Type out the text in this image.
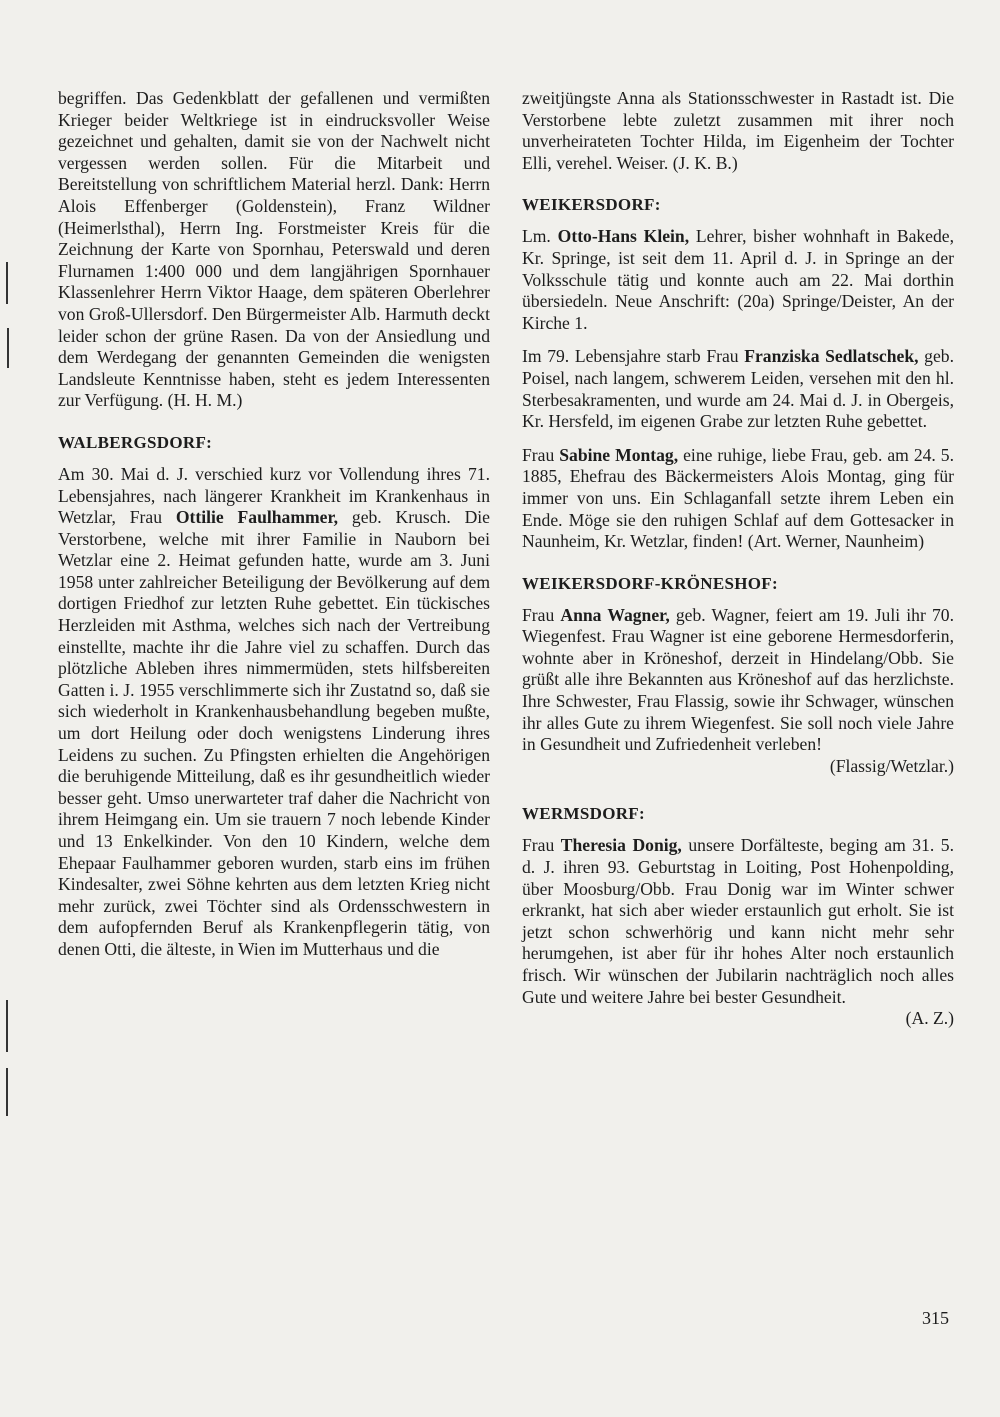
begriffen. Das Gedenkblatt der gefallenen und vermißten Krieger beider Weltkriege ist in eindrucksvoller Weise gezeichnet und gehalten, damit sie von der Nachwelt nicht vergessen werden sollen. Für die Mitarbeit und Bereitstellung von schriftlichem Material herzl. Dank: Herrn Alois Effenberger (Goldenstein), Franz Wildner (Heimerlsthal), Herrn Ing. Forstmeister Kreis für die Zeichnung der Karte von Spornhau, Peterswald und deren Flurnamen 1:400 000 und dem langjährigen Spornhauer Klassenlehrer Herrn Viktor Haage, dem späteren Oberlehrer von Groß-Ullersdorf. Den Bürgermeister Alb. Harmuth deckt leider schon der grüne Rasen. Da von der Ansiedlung und dem Werdegang der genannten Gemeinden die wenigsten Landsleute Kenntnisse haben, steht es jedem Interessenten zur Verfügung. (H. H. M.)

WALBERGSDORF:

Am 30. Mai d. J. verschied kurz vor Vollendung ihres 71. Lebensjahres, nach längerer Krankheit im Krankenhaus in Wetzlar, Frau Ottilie Faulhammer, geb. Krusch. Die Verstorbene, welche mit ihrer Familie in Nauborn bei Wetzlar eine 2. Heimat gefunden hatte, wurde am 3. Juni 1958 unter zahlreicher Beteiligung der Bevölkerung auf dem dortigen Friedhof zur letzten Ruhe gebettet. Ein tückisches Herzleiden mit Asthma, welches sich nach der Vertreibung einstellte, machte ihr die Jahre viel zu schaffen. Durch das plötzliche Ableben ihres nimmermüden, stets hilfsbereiten Gatten i. J. 1955 verschlimmerte sich ihr Zustatnd so, daß sie sich wiederholt in Krankenhausbehandlung begeben mußte, um dort Heilung oder doch wenigstens Linderung ihres Leidens zu suchen. Zu Pfingsten erhielten die Angehörigen die beruhigende Mitteilung, daß es ihr gesundheitlich wieder besser geht. Umso unerwarteter traf daher die Nachricht von ihrem Heimgang ein. Um sie trauern 7 noch lebende Kinder und 13 Enkelkinder. Von den 10 Kindern, welche dem Ehepaar Faulhammer geboren wurden, starb eins im frühen Kindesalter, zwei Söhne kehrten aus dem letzten Krieg nicht mehr zurück, zwei Töchter sind als Ordensschwestern in dem aufopfernden Beruf als Krankenpflegerin tätig, von denen Otti, die älteste, in Wien im Mutterhaus und die

zweitjüngste Anna als Stationsschwester in Rastadt ist. Die Verstorbene lebte zuletzt zusammen mit ihrer noch unverheirateten Tochter Hilda, im Eigenheim der Tochter Elli, verehel. Weiser. (J. K. B.)

WEIKERSDORF:

Lm. Otto-Hans Klein, Lehrer, bisher wohnhaft in Bakede, Kr. Springe, ist seit dem 11. April d. J. in Springe an der Volksschule tätig und konnte auch am 22. Mai dorthin übersiedeln. Neue Anschrift: (20a) Springe/Deister, An der Kirche 1.

Im 79. Lebensjahre starb Frau Franziska Sedlatschek, geb. Poisel, nach langem, schwerem Leiden, versehen mit den hl. Sterbesakramenten, und wurde am 24. Mai d. J. in Obergeis, Kr. Hersfeld, im eigenen Grabe zur letzten Ruhe gebettet.

Frau Sabine Montag, eine ruhige, liebe Frau, geb. am 24. 5. 1885, Ehefrau des Bäckermeisters Alois Montag, ging für immer von uns. Ein Schlaganfall setzte ihrem Leben ein Ende. Möge sie den ruhigen Schlaf auf dem Gottesacker in Naunheim, Kr. Wetzlar, finden! (Art. Werner, Naunheim)

WEIKERSDORF-KRÖNESHOF:

Frau Anna Wagner, geb. Wagner, feiert am 19. Juli ihr 70. Wiegenfest. Frau Wagner ist eine geborene Hermesdorferin, wohnte aber in Kröneshof, derzeit in Hindelang/Obb. Sie grüßt alle ihre Bekannten aus Kröneshof auf das herzlichste. Ihre Schwester, Frau Flassig, sowie ihr Schwager, wünschen ihr alles Gute zu ihrem Wiegenfest. Sie soll noch viele Jahre in Gesundheit und Zufriedenheit verleben!

(Flassig/Wetzlar.)

WERMSDORF:

Frau Theresia Donig, unsere Dorfälteste, beging am 31. 5. d. J. ihren 93. Geburtstag in Loiting, Post Hohenpolding, über Moosburg/Obb. Frau Donig war im Winter schwer erkrankt, hat sich aber wieder erstaunlich gut erholt. Sie ist jetzt schon schwerhörig und kann nicht mehr sehr herumgehen, ist aber für ihr hohes Alter noch erstaunlich frisch. Wir wünschen der Jubilarin nachträglich noch alles Gute und weitere Jahre bei bester Gesundheit.

(A. Z.)

315
